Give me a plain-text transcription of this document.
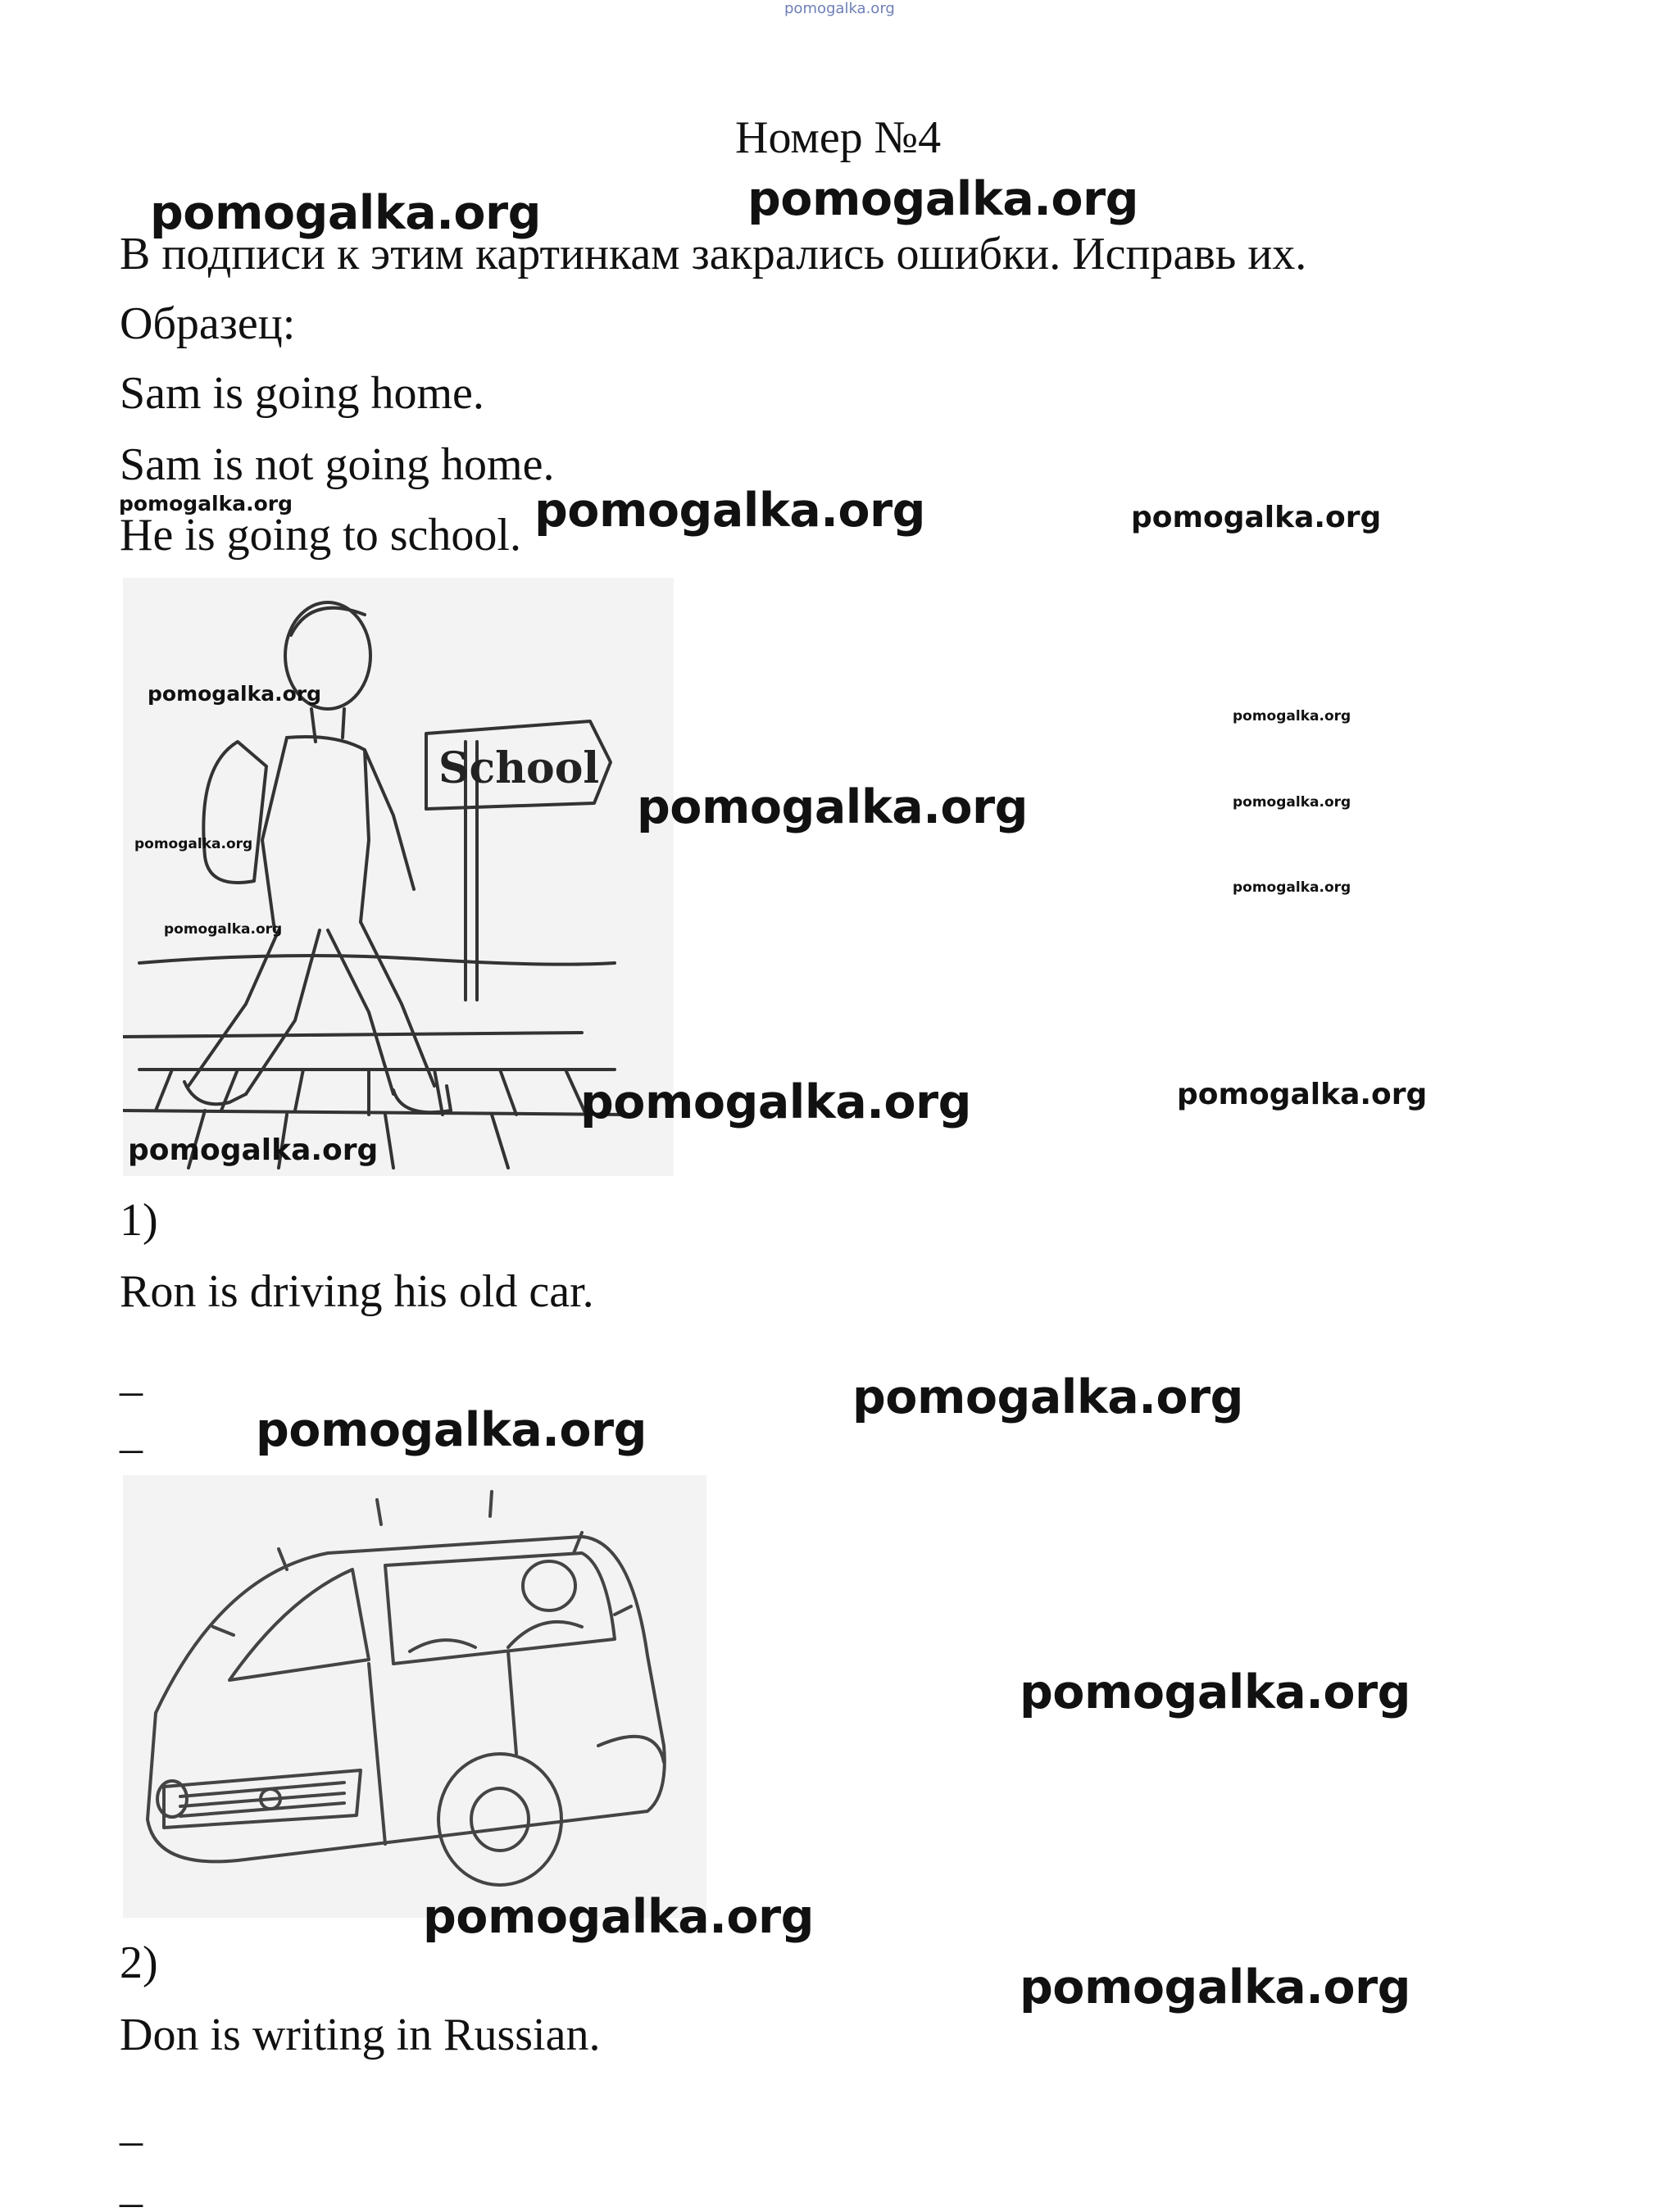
pomogalka.org
Номер №4
В подписи к этим картинкам закрались ошибки. Исправь их.
Образец:
Sam is going home.
Sam is not going home.
He is going to school.
School
1)
Ron is driving his old car.
_
_
2)
Don is writing in Russian.
_
_
pomogalka.org	pomogalka.org
pomogalka.org	pomogalka.org	pomogalka.org
pomogalka.org
pomogalka.org
pomogalka.org	pomogalka.org
pomogalka.org
pomogalka.org
pomogalka.org
pomogalka.org
pomogalka.org
pomogalka.org
pomogalka.org
pomogalka.org
pomogalka.org
pomogalka.org
pomogalka.org
